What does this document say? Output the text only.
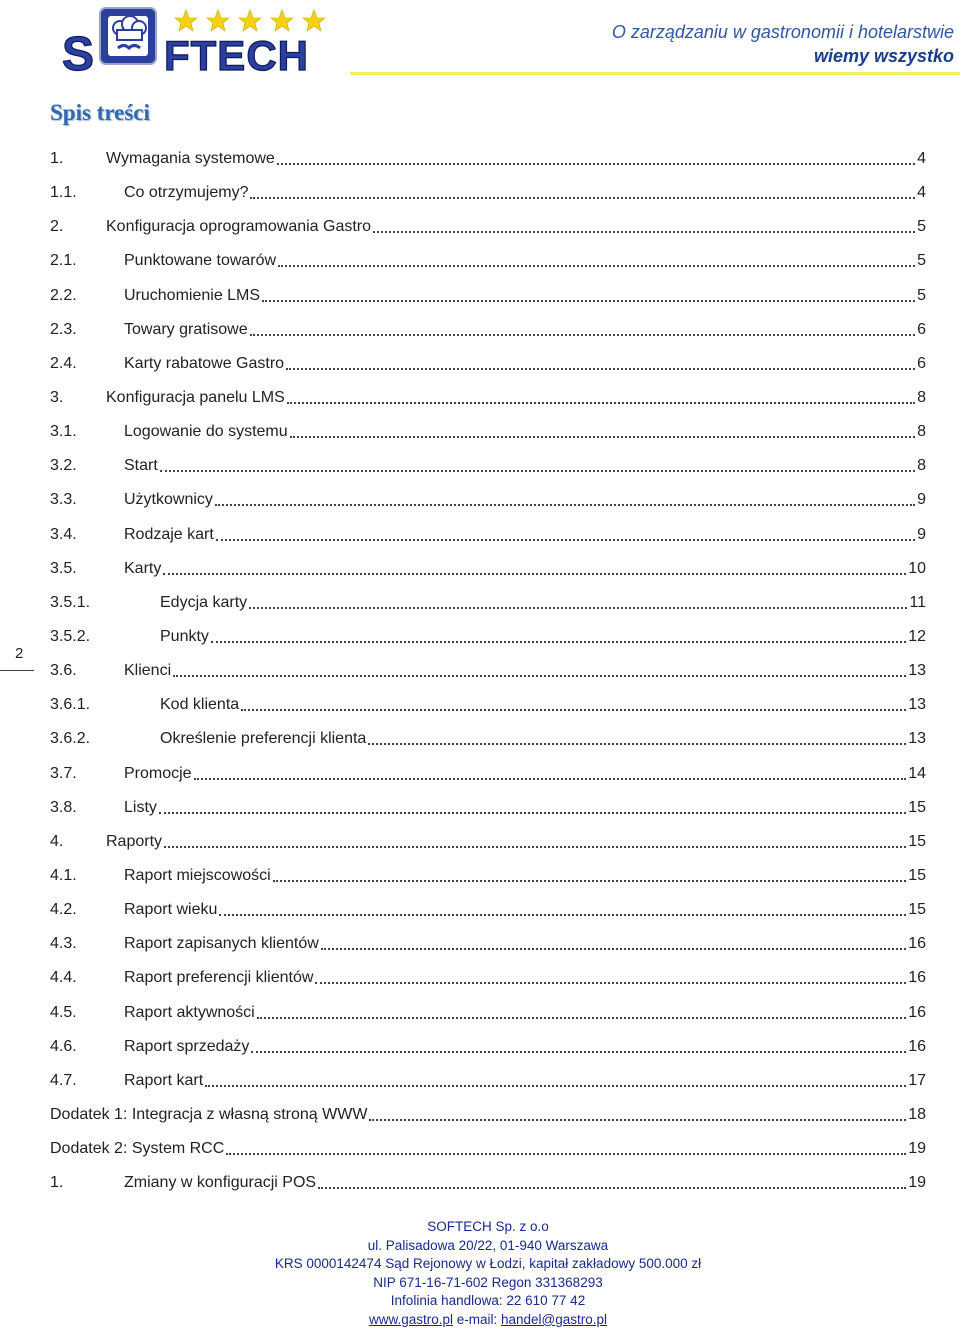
S FTECH	O zarządzaniu w gastronomii i hotelarstwie
wiemy wszystko
Spis treści
1.	Wymagania systemowe	4
1.1.	Co otrzymujemy?	4
2.	Konfiguracja oprogramowania Gastro	5
2.1.	Punktowane towarów	5
2.2.	Uruchomienie LMS	5
2.3.	Towary gratisowe	6
2.4.	Karty rabatowe Gastro	6
3.	Konfiguracja panelu LMS	8
3.1.	Logowanie do systemu	8
3.2.	Start	8
3.3.	Użytkownicy	9
3.4.	Rodzaje kart	9
3.5.	Karty	10
3.5.1.	Edycja karty	11
3.5.2.	Punkty	12
3.6.	Klienci	13
3.6.1.	Kod klienta	13
3.6.2.	Określenie preferencji klienta	13
3.7.	Promocje	14
3.8.	Listy	15
4.	Raporty	15
4.1.	Raport miejscowości	15
4.2.	Raport wieku	15
4.3.	Raport zapisanych klientów	16
4.4.	Raport preferencji klientów	16
4.5.	Raport aktywności	16
4.6.	Raport sprzedaży	16
4.7.	Raport kart	17
Dodatek 1: Integracja z własną stroną WWW	18
Dodatek 2: System RCC	19
1.	Zmiany w konfiguracji POS	19
2
SOFTECH Sp. z o.o
ul. Palisadowa 20/22, 01-940 Warszawa
KRS 0000142474 Sąd Rejonowy w Łodzi, kapitał zakładowy 500.000 zł
NIP 671-16-71-602 Regon 331368293
Infolinia handlowa: 22 610 77 42
www.gastro.pl e-mail: handel@gastro.pl
